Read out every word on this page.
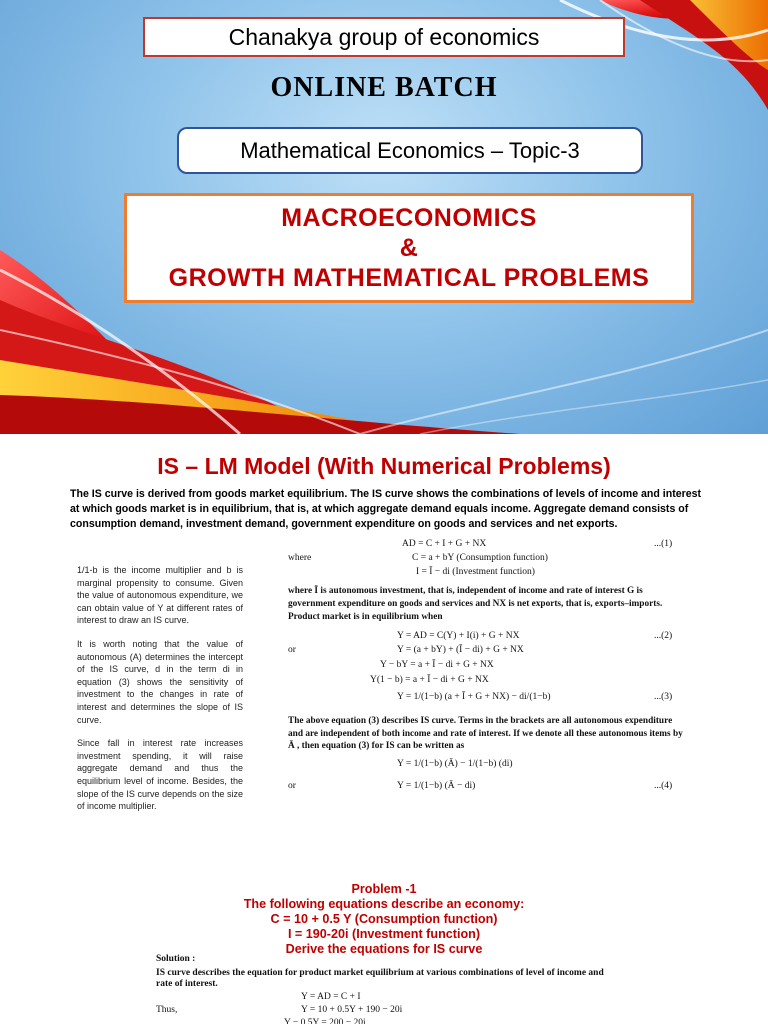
Chanakya group of economics
ONLINE BATCH
Mathematical Economics – Topic-3
MACROECONOMICS
&
GROWTH MATHEMATICAL PROBLEMS
IS – LM Model (With Numerical Problems)
The IS curve is derived from goods market equilibrium. The IS curve shows the combinations of levels of income and interest at which goods market is in equilibrium, that is, at which aggregate demand equals income. Aggregate demand consists of consumption demand, investment demand, government expenditure on goods and services and net exports.

1/1-b is the income multiplier and b is marginal propensity to consume. Given the value of autonomous expenditure, we can obtain value of Y at different rates of interest to draw an IS curve.

It is worth noting that the value of autonomous (A) determines the intercept of the IS curve, d in the term di in equation (3) shows the sensitivity of investment to the changes in rate of interest and determines the slope of IS curve.

Since fall in interest rate increases investment spending, it will raise aggregate demand and thus the equilibrium level of income. Besides, the slope of the IS curve depends on the size of income multiplier.

AD = C + I + G + NX	...(1)
where	C = a + bY (Consumption function)
I = Ī − di (Investment function)
where Ī is autonomous investment, that is, independent of income and rate of interest G is government expenditure on goods and services and NX is net exports, that is, exports–imports.
Product market is in equilibrium when
Y = AD = C(Y) + I(i) + G + NX	...(2)
or	Y = (a + bY) + (Ī − di) + G + NX
Y − bY = a + Ī − di + G + NX
Y(1 − b) = a + Ī − di + G + NX
Y = 1/(1−b) (a + Ī + G + NX) − di/(1−b)	...(3)
The above equation (3) describes IS curve. Terms in the brackets are all autonomous expenditure and are independent of both income and rate of interest. If we denote all these autonomous items by Ā , then equation (3) for IS can be written as
Y = 1/(1−b) (Ā) − 1/(1−b) (di)
or	Y = 1/(1−b) (Ā − di)	...(4)
Problem -1
The following equations describe an economy:
C = 10 + 0.5 Y (Consumption function)
I = 190-20i (Investment function)
Derive the equations for IS curve
Solution :
IS curve describes the equation for product market equilibrium at various combinations of level of income and rate of interest.
Y = AD = C + I
Thus,	Y = 10 + 0.5Y + 190 − 20i
Y − 0.5Y = 200 − 20i
